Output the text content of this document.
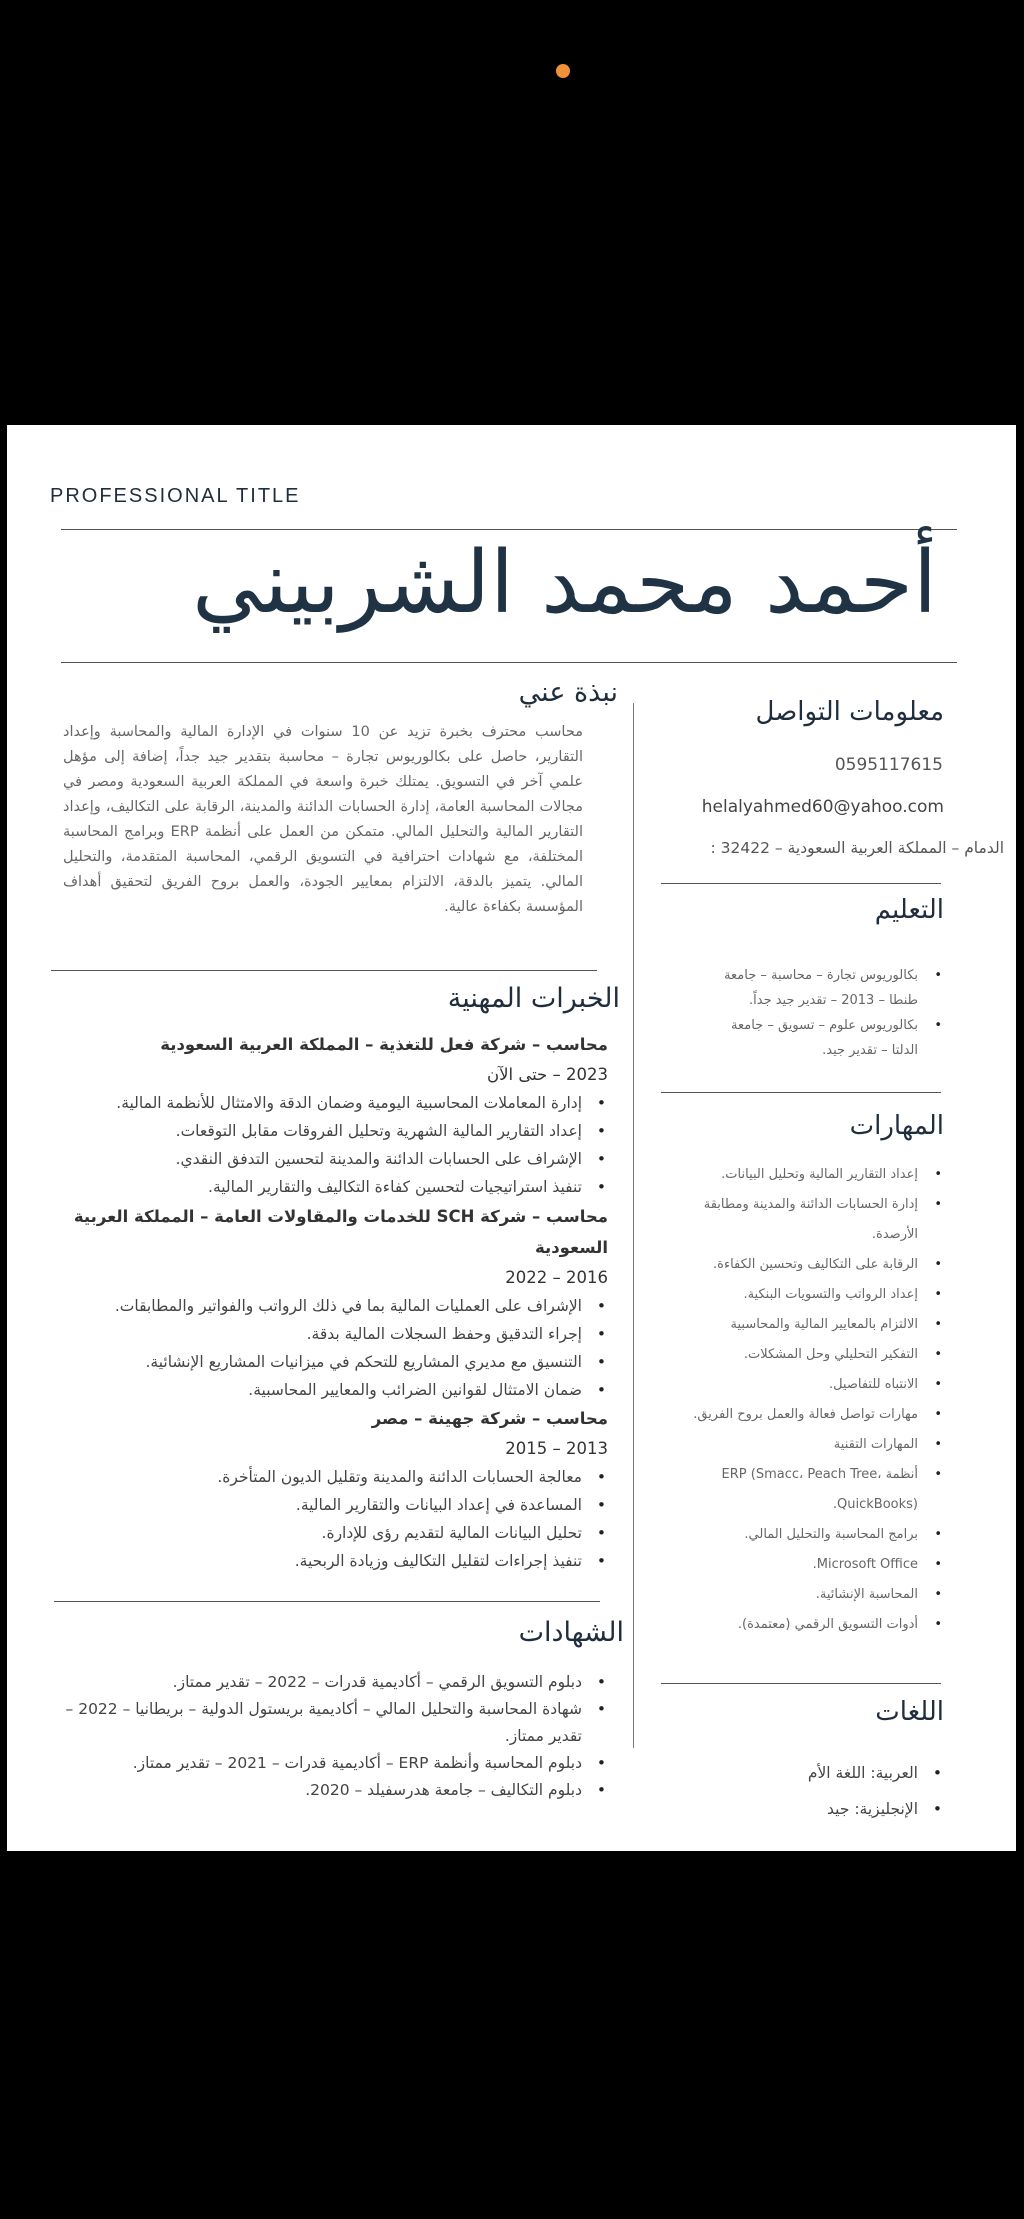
PROFESSIONAL TITLE
أحمد محمد الشربيني
نبذة عني
محاسب محترف بخبرة تزيد عن 10 سنوات في الإدارة المالية والمحاسبة وإعداد التقارير، حاصل على بكالوريوس تجارة – محاسبة بتقدير جيد جداً، إضافة إلى مؤهل علمي آخر في التسويق. يمتلك خبرة واسعة في المملكة العربية السعودية ومصر في مجالات المحاسبة العامة، إدارة الحسابات الدائنة والمدينة، الرقابة على التكاليف، وإعداد التقارير المالية والتحليل المالي. متمكن من العمل على أنظمة ERP وبرامج المحاسبة المختلفة، مع شهادات احترافية في التسويق الرقمي، المحاسبة المتقدمة، والتحليل المالي. يتميز بالدقة، الالتزام بمعايير الجودة، والعمل بروح الفريق لتحقيق أهداف المؤسسة بكفاءة عالية.
الخبرات المهنية
محاسب – شركة فعل للتغذية – المملكة العربية السعودية
2023 – حتى الآن
• إدارة المعاملات المحاسبية اليومية وضمان الدقة والامتثال للأنظمة المالية.
• إعداد التقارير المالية الشهرية وتحليل الفروقات مقابل التوقعات.
• الإشراف على الحسابات الدائنة والمدينة لتحسين التدفق النقدي.
• تنفيذ استراتيجيات لتحسين كفاءة التكاليف والتقارير المالية.
محاسب – شركة SCH للخدمات والمقاولات العامة – المملكة العربية السعودية
2016 – 2022
• الإشراف على العمليات المالية بما في ذلك الرواتب والفواتير والمطابقات.
• إجراء التدقيق وحفظ السجلات المالية بدقة.
• التنسيق مع مديري المشاريع للتحكم في ميزانيات المشاريع الإنشائية.
• ضمان الامتثال لقوانين الضرائب والمعايير المحاسبية.
محاسب – شركة جهينة – مصر
2013 – 2015
• معالجة الحسابات الدائنة والمدينة وتقليل الديون المتأخرة.
• المساعدة في إعداد البيانات والتقارير المالية.
• تحليل البيانات المالية لتقديم رؤى للإدارة.
• تنفيذ إجراءات لتقليل التكاليف وزيادة الربحية.
الشهادات
• دبلوم التسويق الرقمي – أكاديمية قدرات – 2022 – تقدير ممتاز.
• شهادة المحاسبة والتحليل المالي – أكاديمية بريستول الدولية – بريطانيا – 2022 – تقدير ممتاز.
• دبلوم المحاسبة وأنظمة ERP – أكاديمية قدرات – 2021 – تقدير ممتاز.
• دبلوم التكاليف – جامعة هدرسفيلد – 2020.
معلومات التواصل
0595117615
helalyahmed60@yahoo.com
الدمام – المملكة العربية السعودية – 32422 :
التعليم
• بكالوريوس تجارة – محاسبة – جامعة طنطا – 2013 – تقدير جيد جداً.
• بكالوريوس علوم – تسويق – جامعة الدلتا – تقدير جيد.
المهارات
• إعداد التقارير المالية وتحليل البيانات.
• إدارة الحسابات الدائنة والمدينة ومطابقة الأرصدة.
• الرقابة على التكاليف وتحسين الكفاءة.
• إعداد الرواتب والتسويات البنكية.
• الالتزام بالمعايير المالية والمحاسبية
• التفكير التحليلي وحل المشكلات.
• الانتباه للتفاصيل.
• مهارات تواصل فعالة والعمل بروح الفريق.
• المهارات التقنية
• أنظمة ERP (Smacc، Peach Tree، QuickBooks).
• برامج المحاسبة والتحليل المالي.
• Microsoft Office.
• المحاسبة الإنشائية.
• أدوات التسويق الرقمي (معتمدة).
اللغات
• العربية: اللغة الأم
• الإنجليزية: جيد
